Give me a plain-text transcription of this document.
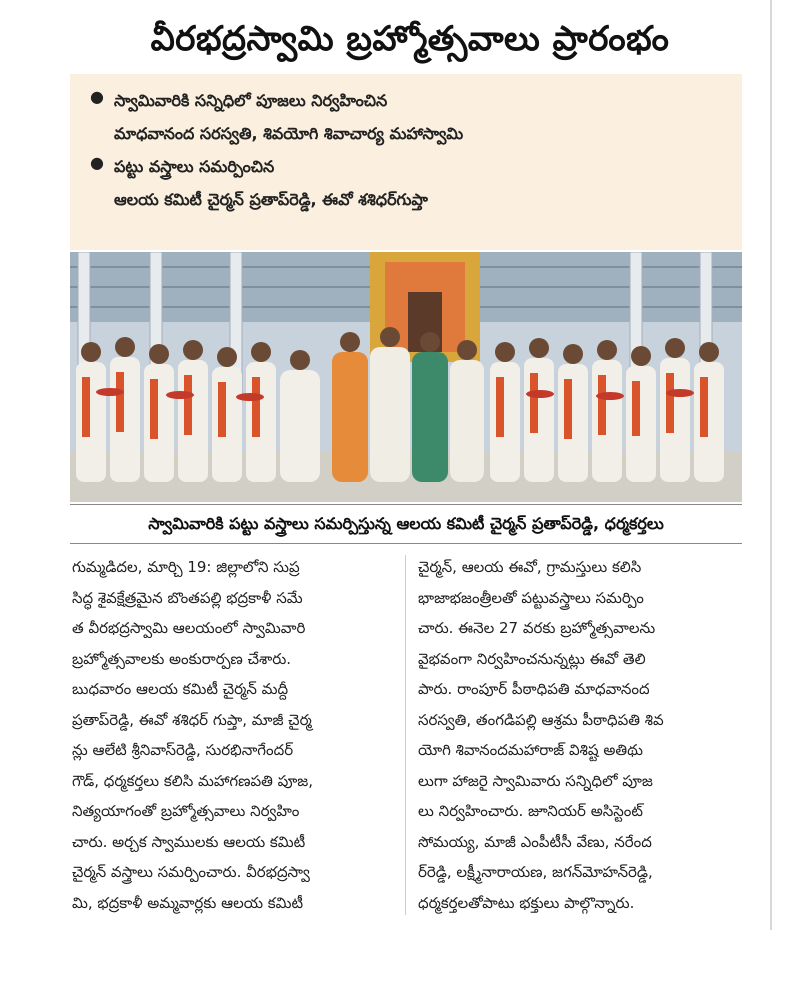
వీరభద్రస్వామి బ్రహ్మోత్సవాలు ప్రారంభం
● స్వామివారికి సన్నిధిలో పూజలు నిర్వహించిన
మాధవానంద సరస్వతి, శివయోగి శివాచార్య మహాస్వామి
● పట్టు వస్త్రాలు సమర్పించిన
ఆలయ కమిటీ చైర్మన్ ప్రతాప్‌రెడ్డి, ఈవో శశిధర్‌గుప్తా
స్వామివారికి పట్టు వస్త్రాలు సమర్పిస్తున్న ఆలయ కమిటీ చైర్మన్ ప్రతాప్‌రెడ్డి, ధర్మకర్తలు
గుమ్మడిదల, మార్చి 19: జిల్లాలోని సుప్ర
సిద్ధ శైవక్షేత్రమైన బొంతపల్లి భద్రకాళీ సమే
త వీరభద్రస్వామి ఆలయంలో స్వామివారి
బ్రహ్మోత్సవాలకు అంకురార్పణ చేశారు.
బుధవారం ఆలయ కమిటీ చైర్మన్ మద్దీ
ప్రతాప్‌రెడ్డి, ఈవో శశిధర్ గుప్తా, మాజీ చైర్మ
న్లు ఆలేటి శ్రీనివాస్‌రెడ్డి, సురభినాగేందర్
గౌడ్, ధర్మకర్తలు కలిసి మహాగణపతి పూజ,
నిత్యయాగంతో బ్రహ్మోత్సవాలు నిర్వహిం
చారు. అర్చక స్వాములకు ఆలయ కమిటీ
చైర్మన్ వస్త్రాలు సమర్పించారు. వీరభద్రస్వా
మి, భద్రకాళీ అమ్మవార్లకు ఆలయ కమిటీ
చైర్మన్, ఆలయ ఈవో, గ్రామస్తులు కలిసి
భాజాభజంత్రీలతో పట్టువస్త్రాలు సమర్పిం
చారు. ఈనెల 27 వరకు బ్రహ్మోత్సవాలను
వైభవంగా నిర్వహించనున్నట్లు ఈవో తెలి
పారు. రాంపూర్ పీఠాధిపతి మాధవానంద
సరస్వతి, తంగడిపల్లి ఆశ్రమ పీఠాధిపతి శివ
యోగి శివానందమహారాజ్ విశిష్ట అతిథు
లుగా హాజరై స్వామివారు సన్నిధిలో పూజ
లు నిర్వహించారు. జూనియర్ అసిస్టెంట్
సోమయ్య, మాజీ ఎంపీటీసీ వేణు, నరేంద
ర్‌రెడ్డి, లక్ష్మీనారాయణ, జగన్‌మోహన్‌రెడ్డి,
ధర్మకర్తలతోపాటు భక్తులు పాల్గొన్నారు.
